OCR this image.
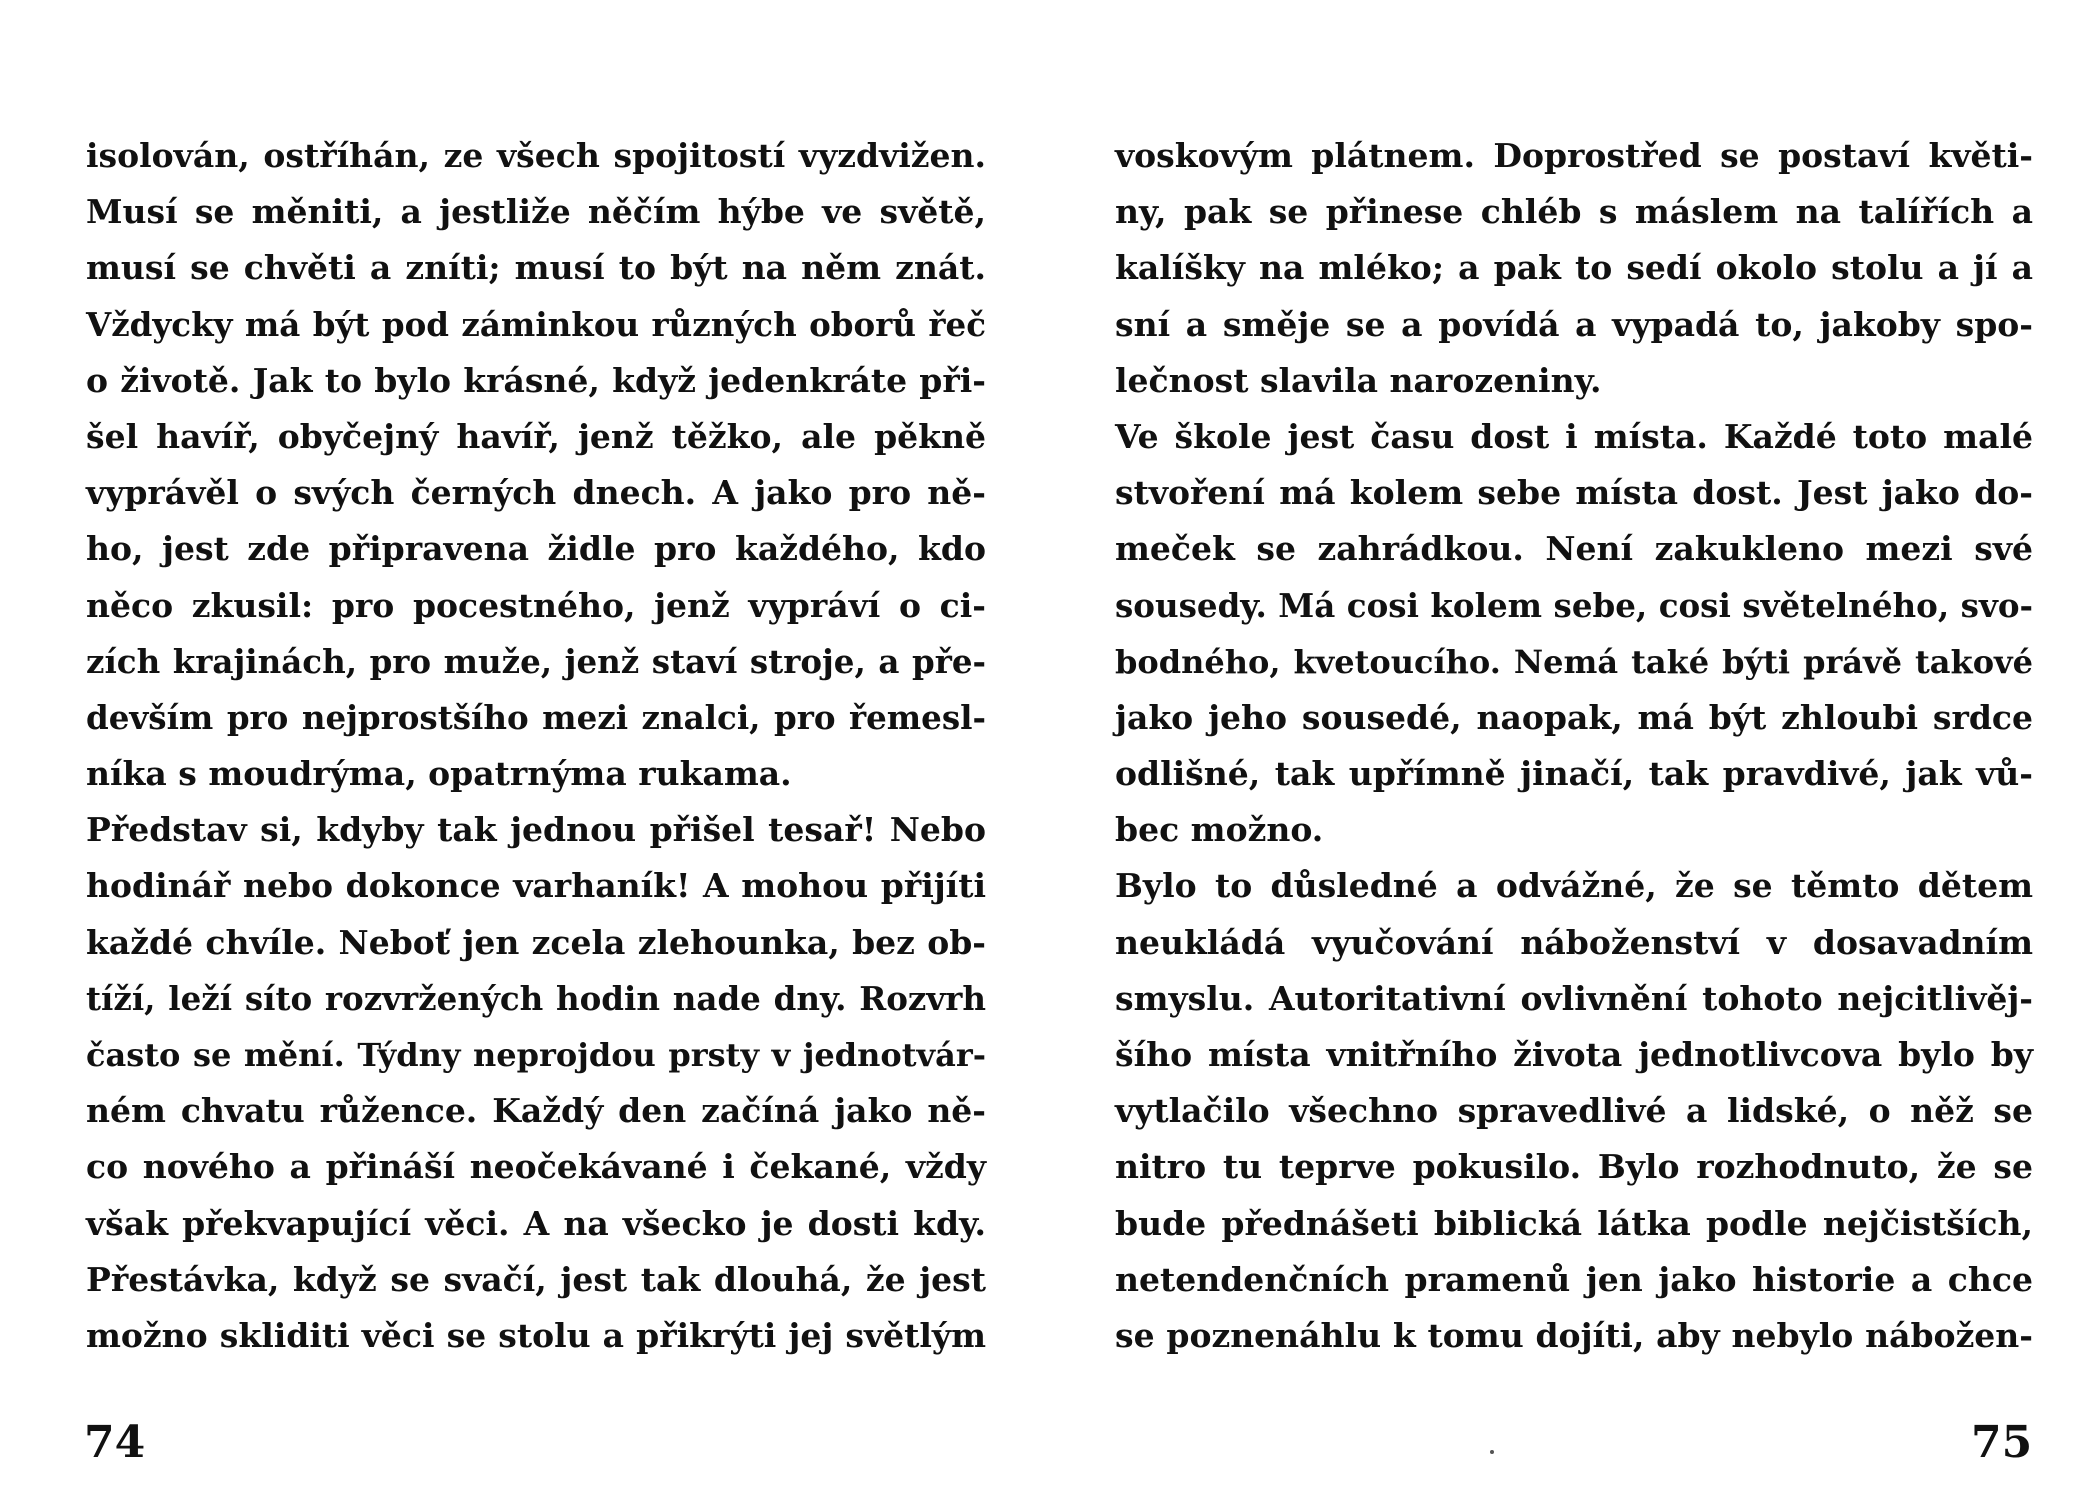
isolován, ostříhán, ze všech spojitostí vyzdvižen.
Musí se měniti, a jestliže něčím hýbe ve světě,
musí se chvěti a zníti; musí to být na něm znát.
Vždycky má být pod záminkou různých oborů řeč
o životě. Jak to bylo krásné, když jedenkráte při-
šel havíř, obyčejný havíř, jenž těžko, ale pěkně
vyprávěl o svých černých dnech. A jako pro ně-
ho, jest zde připravena židle pro každého, kdo
něco zkusil: pro pocestného, jenž vypráví o ci-
zích krajinách, pro muže, jenž staví stroje, a pře-
devším pro nejprostšího mezi znalci, pro řemesl-
níka s moudrýma, opatrnýma rukama.
Představ si, kdyby tak jednou přišel tesař! Nebo
hodinář nebo dokonce varhaník! A mohou přijíti
každé chvíle. Neboť jen zcela zlehounka, bez ob-
tíží, leží síto rozvržených hodin nade dny. Rozvrh
často se mění. Týdny neprojdou prsty v jednotvár-
ném chvatu růžence. Každý den začíná jako ně-
co nového a přináší neočekávané i čekané, vždy
však překvapující věci. A na všecko je dosti kdy.
Přestávka, když se svačí, jest tak dlouhá, že jest
možno skliditi věci se stolu a přikrýti jej světlým
74
voskovým plátnem. Doprostřed se postaví květi-
ny, pak se přinese chléb s máslem na talířích a
kalíšky na mléko; a pak to sedí okolo stolu a jí a
sní a směje se a povídá a vypadá to, jakoby spo-
lečnost slavila narozeniny.
Ve škole jest času dost i místa. Každé toto malé
stvoření má kolem sebe místa dost. Jest jako do-
meček se zahrádkou. Není zakukleno mezi své
sousedy. Má cosi kolem sebe, cosi světelného, svo-
bodného, kvetoucího. Nemá také býti právě takové
jako jeho sousedé, naopak, má být zhloubi srdce
odlišné, tak upřímně jinačí, tak pravdivé, jak vů-
bec možno.
Bylo to důsledné a odvážné, že se těmto dětem
neukládá vyučování náboženství v dosavadním
smyslu. Autoritativní ovlivnění tohoto nejcitlivěj-
šího místa vnitřního života jednotlivcova bylo by
vytlačilo všechno spravedlivé a lidské, o něž se
nitro tu teprve pokusilo. Bylo rozhodnuto, že se
bude přednášeti biblická látka podle nejčistších,
netendenčních pramenů jen jako historie a chce
se poznenáhlu k tomu dojíti, aby nebylo nábožen-
75
